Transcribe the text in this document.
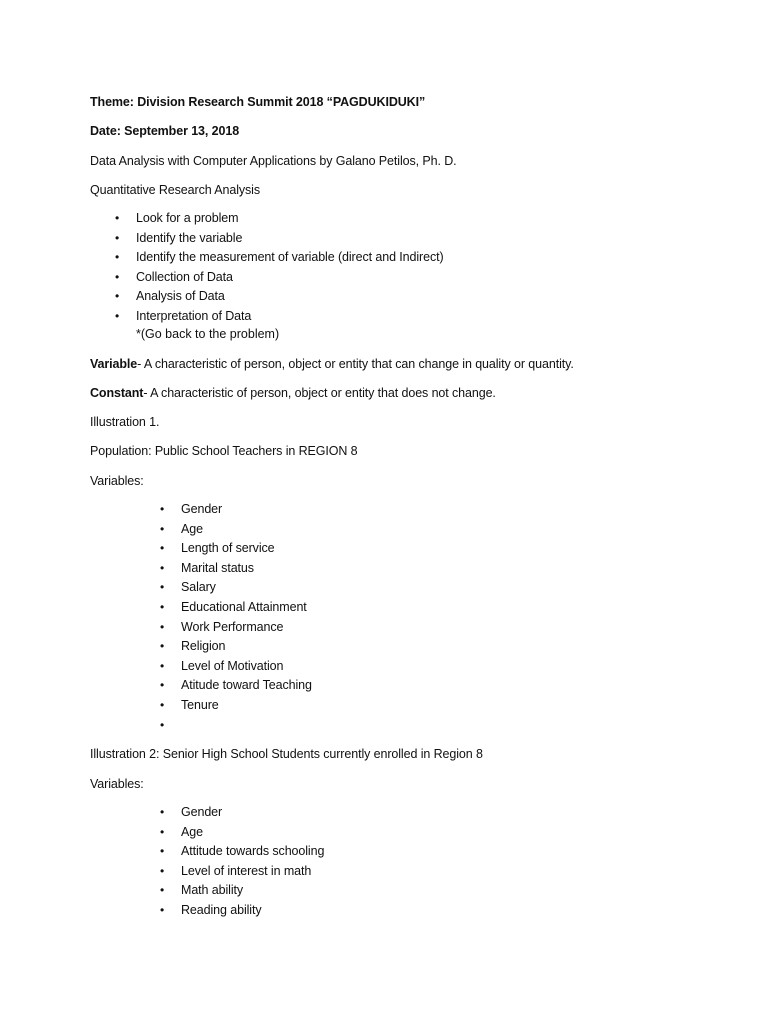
Theme: Division Research Summit 2018 “PAGDUKIDUKI”
Date: September 13, 2018
Data Analysis with Computer Applications by Galano Petilos, Ph. D.
Quantitative Research Analysis
• Look for a problem
• Identify the variable
• Identify the measurement of variable (direct and Indirect)
• Collection of Data
• Analysis of Data
• Interpretation of Data
*(Go back to the problem)
Variable- A characteristic of person, object or entity that can change in quality or quantity.
Constant- A characteristic of person, object or entity that does not change.
Illustration 1.
Population: Public School Teachers in REGION 8
Variables:
• Gender
• Age
• Length of service
• Marital status
• Salary
• Educational Attainment
• Work Performance
• Religion
• Level of Motivation
• Atitude toward Teaching
• Tenure
•
Illustration 2: Senior High School Students currently enrolled in Region 8
Variables:
• Gender
• Age
• Attitude towards schooling
• Level of interest in math
• Math ability
• Reading ability
